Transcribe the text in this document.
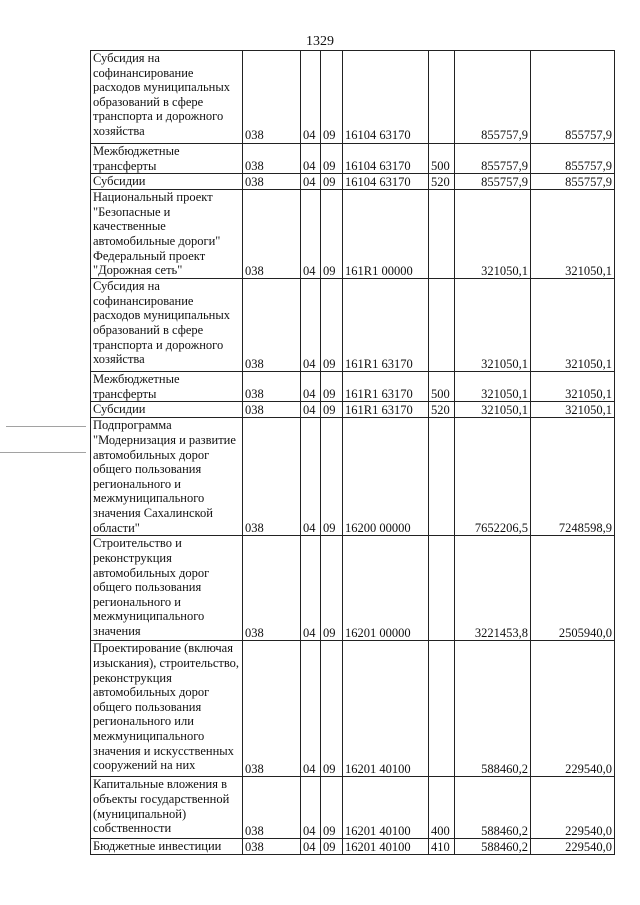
1329
Субсидия на софинансирование расходов муниципальных образований в сфере транспорта и дорожного хозяйства	038	04	09	16104 63170		855757,9	855757,9

Межбюджетные трансферты	038	04	09	16104 63170	500	855757,9	855757,9

Субсидии	038	04	09	16104 63170	520	855757,9	855757,9

Национальный проект "Безопасные и качественные автомобильные дороги" Федеральный проект "Дорожная сеть"	038	04	09	161R1 00000		321050,1	321050,1

Субсидия на софинансирование расходов муниципальных образований в сфере транспорта и дорожного хозяйства	038	04	09	161R1 63170		321050,1	321050,1

Межбюджетные трансферты	038	04	09	161R1 63170	500	321050,1	321050,1

Субсидии	038	04	09	161R1 63170	520	321050,1	321050,1

Подпрограмма "Модернизация и развитие автомобильных дорог общего пользования регионального и межмуниципального значения Сахалинской области"	038	04	09	16200 00000		7652206,5	7248598,9

Строительство и реконструкция автомобильных дорог общего пользования регионального и межмуниципального значения	038	04	09	16201 00000		3221453,8	2505940,0

Проектирование (включая изыскания), строительство, реконструкция автомобильных дорог общего пользования регионального или межмуниципального значения и искусственных сооружений на них	038	04	09	16201 40100		588460,2	229540,0

Капитальные вложения в объекты государственной (муниципальной) собственности	038	04	09	16201 40100	400	588460,2	229540,0

Бюджетные инвестиции	038	04	09	16201 40100	410	588460,2	229540,0
